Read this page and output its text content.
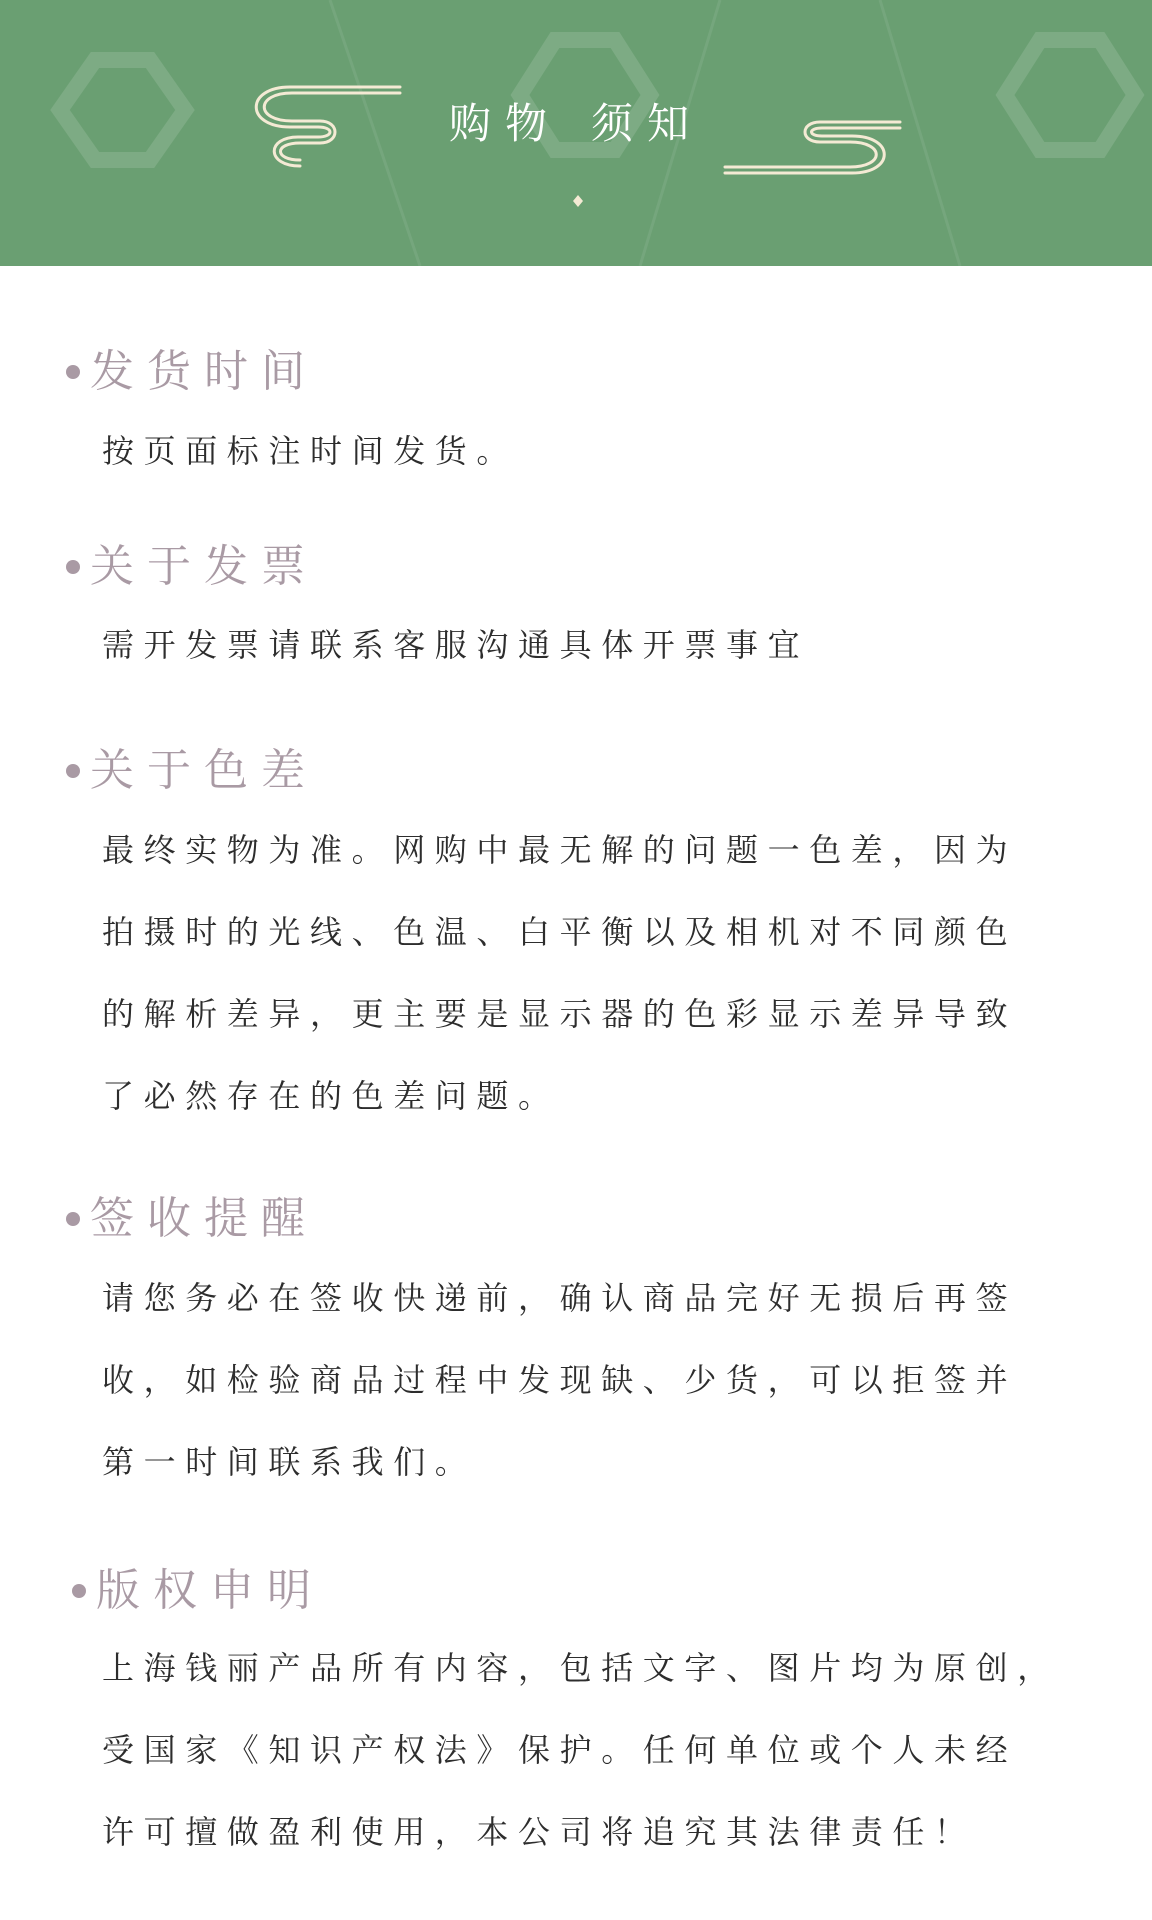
购物 须知
发货时间
按页面标注时间发货。
关于发票
需开发票请联系客服沟通具体开票事宜
关于色差
最终实物为准。网购中最无解的问题一色差，因为
拍摄时的光线、色温、白平衡以及相机对不同颜色
的解析差异，更主要是显示器的色彩显示差异导致
了必然存在的色差问题。
签收提醒
请您务必在签收快递前，确认商品完好无损后再签
收，如检验商品过程中发现缺、少货，可以拒签并
第一时间联系我们。
版权申明
上海钱丽产品所有内容，包括文字、图片均为原创，
受国家《知识产权法》保护。任何单位或个人未经
许可擅做盈利使用，本公司将追究其法律责任！
